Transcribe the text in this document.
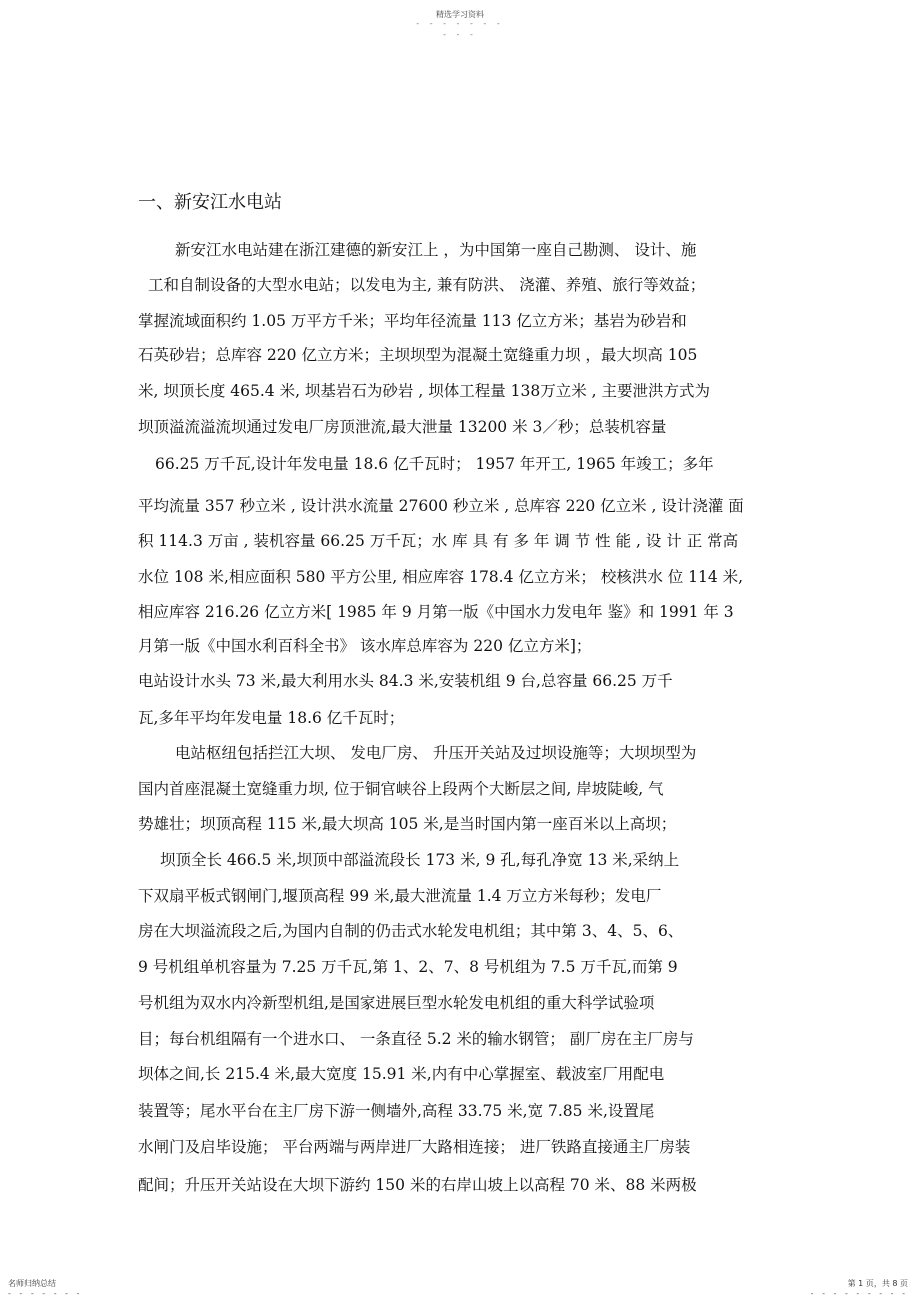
精选学习资料
- - - - - - -
- - -
一、新安江水电站
新安江水电站建在浙江建德的新安江上 ，为中国第一座自己勘测、 设计、施
工和自制设备的大型水电站；以发电为主, 兼有防洪、 浇灌、养殖、旅行等效益；
掌握流域面积约 1.05 万平方千米；平均年径流量 113 亿立方米；基岩为砂岩和
石英砂岩；总库容 220 亿立方米；主坝坝型为混凝土宽缝重力坝 ，最大坝高 105
米, 坝顶长度 465.4 米, 坝基岩石为砂岩 , 坝体工程量 138万立米 , 主要泄洪方式为
坝顶溢流溢流坝通过发电厂房顶泄流,最大泄量 13200 米 3／秒；总装机容量
66.25 万千瓦,设计年发电量 18.6 亿千瓦时； 1957 年开工, 1965 年竣工；多年
平均流量 357 秒立米 , 设计洪水流量 27600 秒立米 , 总库容 220 亿立米 , 设计浇灌 面
积 114.3 万亩 , 装机容量 66.25 万千瓦；水 库 具 有 多 年 调 节 性 能 , 设 计 正 常高
水位 108 米,相应面积 580 平方公里, 相应库容 178.4 亿立方米； 校核洪水 位 114 米,
相应库容 216.26 亿立方米[ 1985 年 9 月第一版《中国水力发电年 鉴》和 1991 年 3
月第一版《中国水利百科全书》 该水库总库容为 220 亿立方米]；
电站设计水头 73 米,最大利用水头 84.3 米,安装机组 9 台,总容量 66.25 万千
瓦,多年平均年发电量 18.6 亿千瓦时；
电站枢纽包括拦江大坝、 发电厂房、 升压开关站及过坝设施等；大坝坝型为
国内首座混凝土宽缝重力坝, 位于铜官峡谷上段两个大断层之间, 岸坡陡峻, 气
势雄壮；坝顶高程 115 米,最大坝高 105 米,是当时国内第一座百米以上高坝；
坝顶全长 466.5 米,坝顶中部溢流段长 173 米, 9 孔,每孔净宽 13 米,采纳上
下双扇平板式钢闸门,堰顶高程 99 米,最大泄流量 1.4 万立方米每秒；发电厂
房在大坝溢流段之后,为国内自制的仍击式水轮发电机组；其中第 3、4、5、6、
9 号机组单机容量为 7.25 万千瓦,第 1、2、7、8 号机组为 7.5 万千瓦,而第 9
号机组为双水内冷新型机组,是国家进展巨型水轮发电机组的重大科学试验项
目；每台机组隔有一个进水口、 一条直径 5.2 米的输水钢管； 副厂房在主厂房与
坝体之间,长 215.4 米,最大宽度 15.91 米,内有中心掌握室、载波室厂用配电
装置等；尾水平台在主厂房下游一侧墙外,高程 33.75 米,宽 7.85 米,设置尾
水闸门及启毕设施； 平台两端与两岸进厂大路相连接； 进厂铁路直接通主厂房装
配间；升压开关站设在大坝下游约 150 米的右岸山坡上以高程 70 米、88 米两极
名师归纳总结
- - - - - - -
第 1 页，共 8 页
- - - - - - - - -
